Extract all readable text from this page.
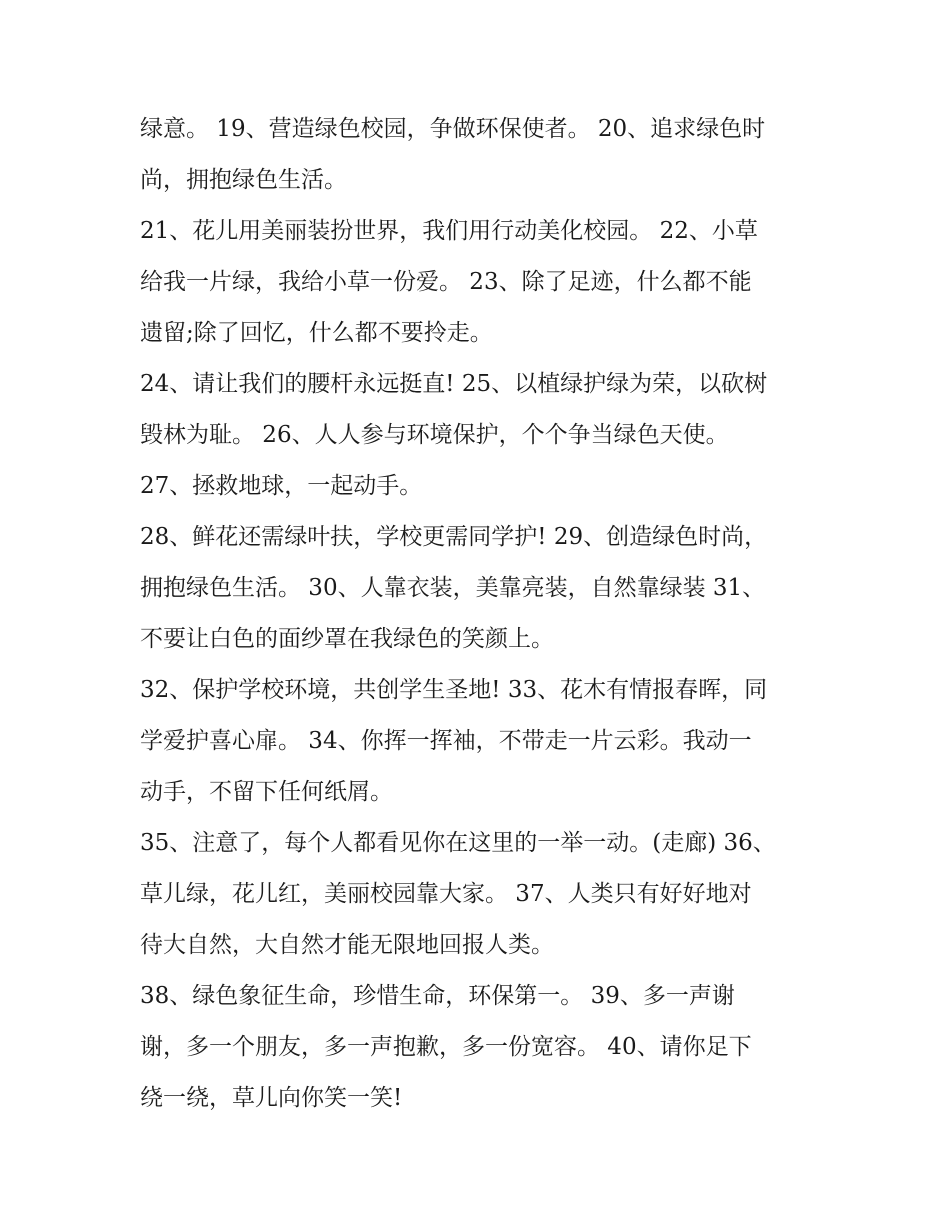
绿意。 19、营造绿色校园，争做环保使者。 20、追求绿色时
尚，拥抱绿色生活。
21、花儿用美丽装扮世界，我们用行动美化校园。 22、小草
给我一片绿，我给小草一份爱。 23、除了足迹，什么都不能
遗留;除了回忆，什么都不要拎走。
24、请让我们的腰杆永远挺直! 25、以植绿护绿为荣，以砍树
毁林为耻。 26、人人参与环境保护，个个争当绿色天使。
27、拯救地球，一起动手。
28、鲜花还需绿叶扶，学校更需同学护! 29、创造绿色时尚，
拥抱绿色生活。 30、人靠衣装，美靠亮装，自然靠绿装 31、
不要让白色的面纱罩在我绿色的笑颜上。
32、保护学校环境，共创学生圣地! 33、花木有情报春晖，同
学爱护喜心扉。 34、你挥一挥袖，不带走一片云彩。我动一
动手，不留下任何纸屑。
35、注意了，每个人都看见你在这里的一举一动。(走廊) 36、
草儿绿，花儿红，美丽校园靠大家。 37、人类只有好好地对
待大自然，大自然才能无限地回报人类。
38、绿色象征生命，珍惜生命，环保第一。 39、多一声谢
谢，多一个朋友，多一声抱歉，多一份宽容。 40、请你足下
绕一绕，草儿向你笑一笑!
